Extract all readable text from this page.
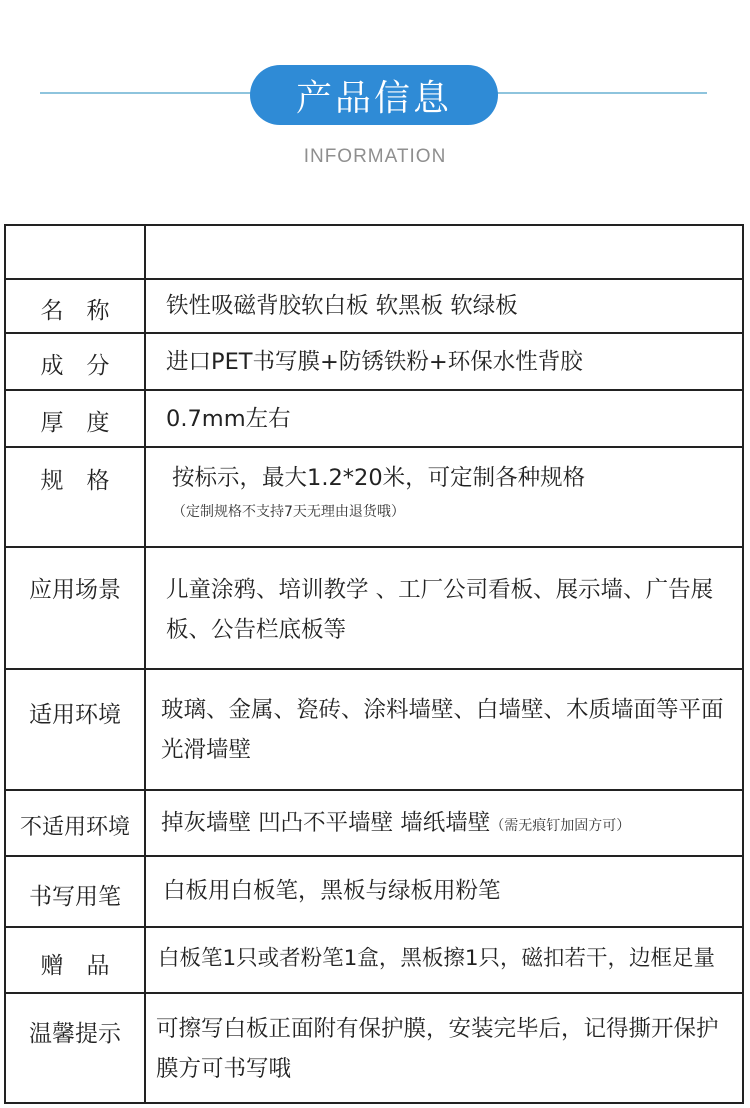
产品信息
INFORMATION
名　称	铁性吸磁背胶软白板 软黑板 软绿板
成　分	进口PET书写膜+防锈铁粉+环保水性背胶
厚　度	0.7mm左右
规　格	按标示，最大1.2*20米，可定制各种规格
（定制规格不支持7天无理由退货哦）
应用场景	儿童涂鸦、培训教学 、工厂公司看板、展示墙、广告展板、公告栏底板等
适用环境	玻璃、金属、瓷砖、涂料墙壁、白墙壁、木质墙面等平面光滑墙壁
不适用环境	掉灰墙壁 凹凸不平墙壁 墙纸墙壁（需无痕钉加固方可）
书写用笔	白板用白板笔，黑板与绿板用粉笔
赠　品	白板笔1只或者粉笔1盒，黑板擦1只，磁扣若干，边框足量
温馨提示	可擦写白板正面附有保护膜，安装完毕后，记得撕开保护膜方可书写哦
